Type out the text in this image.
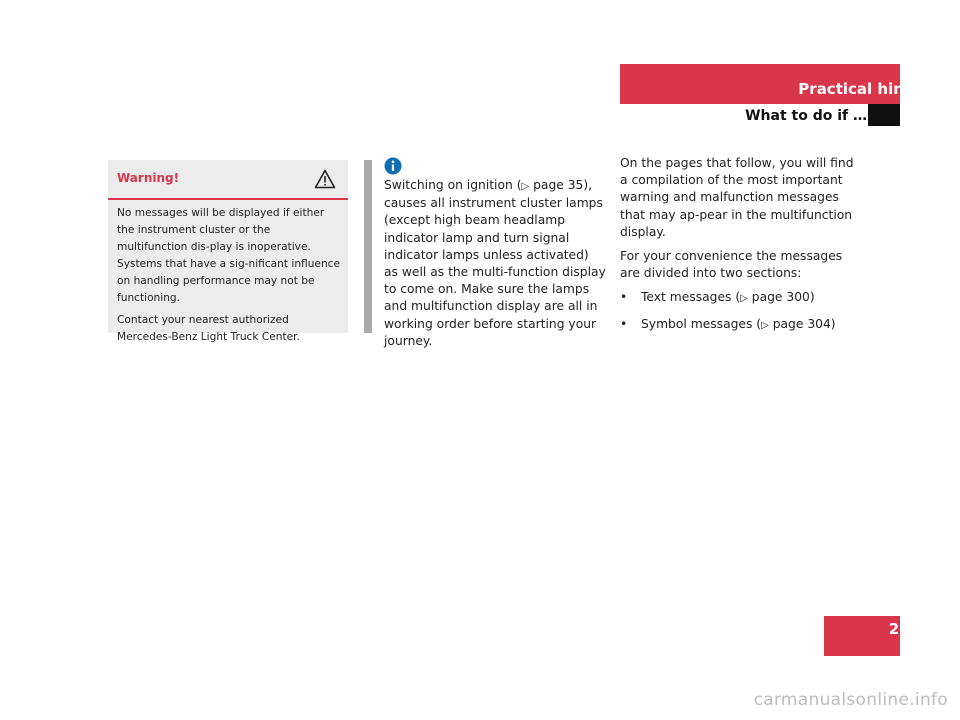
Practical hints
What to do if …
Warning!

No messages will be displayed if either the instrument cluster or the multifunction dis-play is inoperative. Systems that have a sig-nificant influence on handling performance may not be functioning.

Contact your nearest authorized Mercedes-Benz Light Truck Center.

Switching on ignition (▷ page 35), causes all instrument cluster lamps (except high beam headlamp indicator lamp and turn signal indicator lamps unless activated) as well as the multi-function display to come on. Make sure the lamps and multifunction display are all in working order before starting your journey.

On the pages that follow, you will find a compilation of the most important warning and malfunction messages that may ap-pear in the multifunction display.

For your convenience the messages are divided into two sections:

• Text messages (▷ page 300)
• Symbol messages (▷ page 304)
299
carmanualsonline.info
